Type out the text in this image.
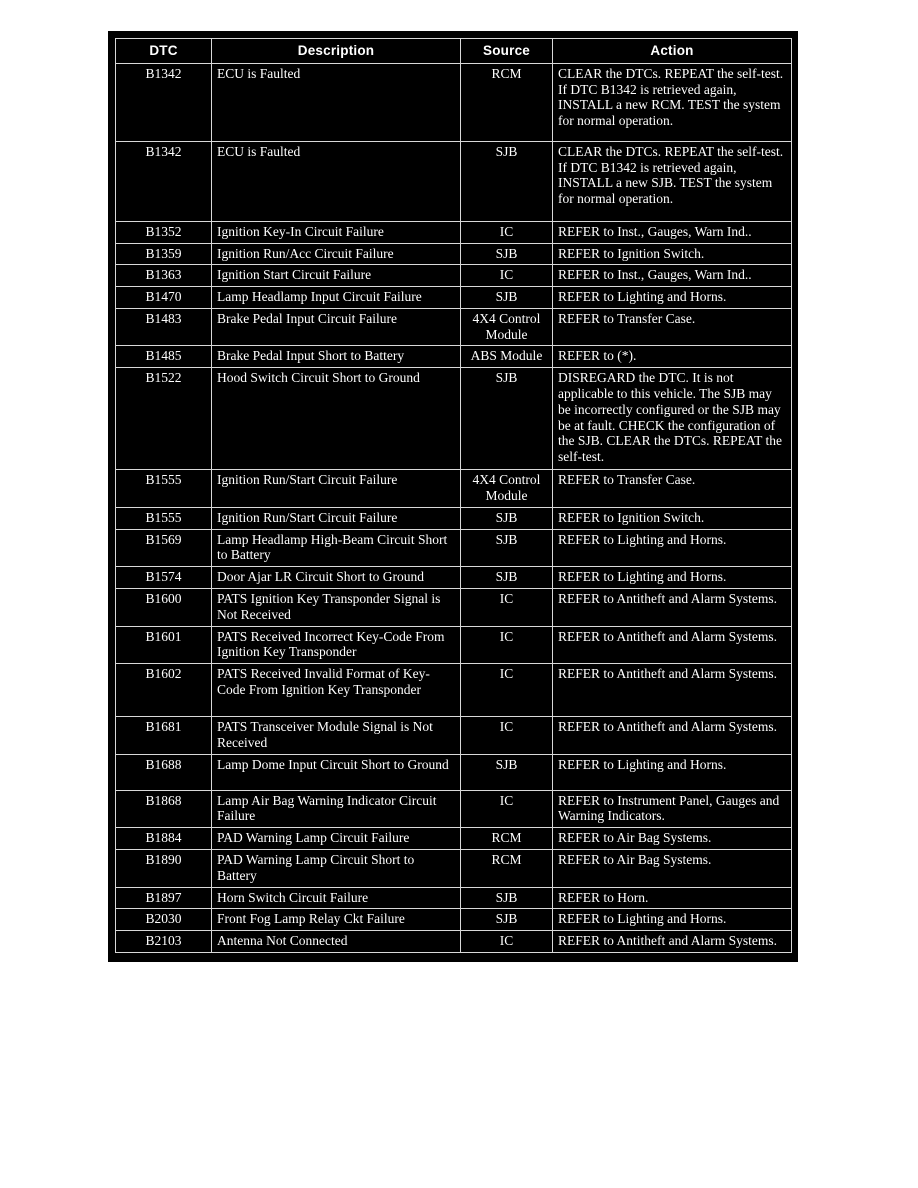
DTC	Description	Source	Action
B1342	ECU is Faulted	RCM	CLEAR the DTCs. REPEAT the self-test. If DTC B1342 is retrieved again, INSTALL a new RCM. TEST the system for normal operation.
B1342	ECU is Faulted	SJB	CLEAR the DTCs. REPEAT the self-test. If DTC B1342 is retrieved again, INSTALL a new SJB. TEST the system for normal operation.
B1352	Ignition Key-In Circuit Failure	IC	REFER to Inst., Gauges, Warn Ind..
B1359	Ignition Run/Acc Circuit Failure	SJB	REFER to Ignition Switch.
B1363	Ignition Start Circuit Failure	IC	REFER to Inst., Gauges, Warn Ind..
B1470	Lamp Headlamp Input Circuit Failure	SJB	REFER to Lighting and Horns.
B1483	Brake Pedal Input Circuit Failure	4X4 Control Module	REFER to Transfer Case.
B1485	Brake Pedal Input Short to Battery	ABS Module	REFER to (*).
B1522	Hood Switch Circuit Short to Ground	SJB	DISREGARD the DTC. It is not applicable to this vehicle. The SJB may be incorrectly configured or the SJB may be at fault. CHECK the configuration of the SJB. CLEAR the DTCs. REPEAT the self-test.
B1555	Ignition Run/Start Circuit Failure	4X4 Control Module	REFER to Transfer Case.
B1555	Ignition Run/Start Circuit Failure	SJB	REFER to Ignition Switch.
B1569	Lamp Headlamp High-Beam Circuit Short to Battery	SJB	REFER to Lighting and Horns.
B1574	Door Ajar LR Circuit Short to Ground	SJB	REFER to Lighting and Horns.
B1600	PATS Ignition Key Transponder Signal is Not Received	IC	REFER to Antitheft and Alarm Systems.
B1601	PATS Received Incorrect Key-Code From Ignition Key Transponder	IC	REFER to Antitheft and Alarm Systems.
B1602	PATS Received Invalid Format of Key-Code From Ignition Key Transponder	IC	REFER to Antitheft and Alarm Systems.
B1681	PATS Transceiver Module Signal is Not Received	IC	REFER to Antitheft and Alarm Systems.
B1688	Lamp Dome Input Circuit Short to Ground	SJB	REFER to Lighting and Horns.
B1868	Lamp Air Bag Warning Indicator Circuit Failure	IC	REFER to Instrument Panel, Gauges and Warning Indicators.
B1884	PAD Warning Lamp Circuit Failure	RCM	REFER to Air Bag Systems.
B1890	PAD Warning Lamp Circuit Short to Battery	RCM	REFER to Air Bag Systems.
B1897	Horn Switch Circuit Failure	SJB	REFER to Horn.
B2030	Front Fog Lamp Relay Ckt Failure	SJB	REFER to Lighting and Horns.
B2103	Antenna Not Connected	IC	REFER to Antitheft and Alarm Systems.
(*) Antilock Brakes / Traction Control Systems
